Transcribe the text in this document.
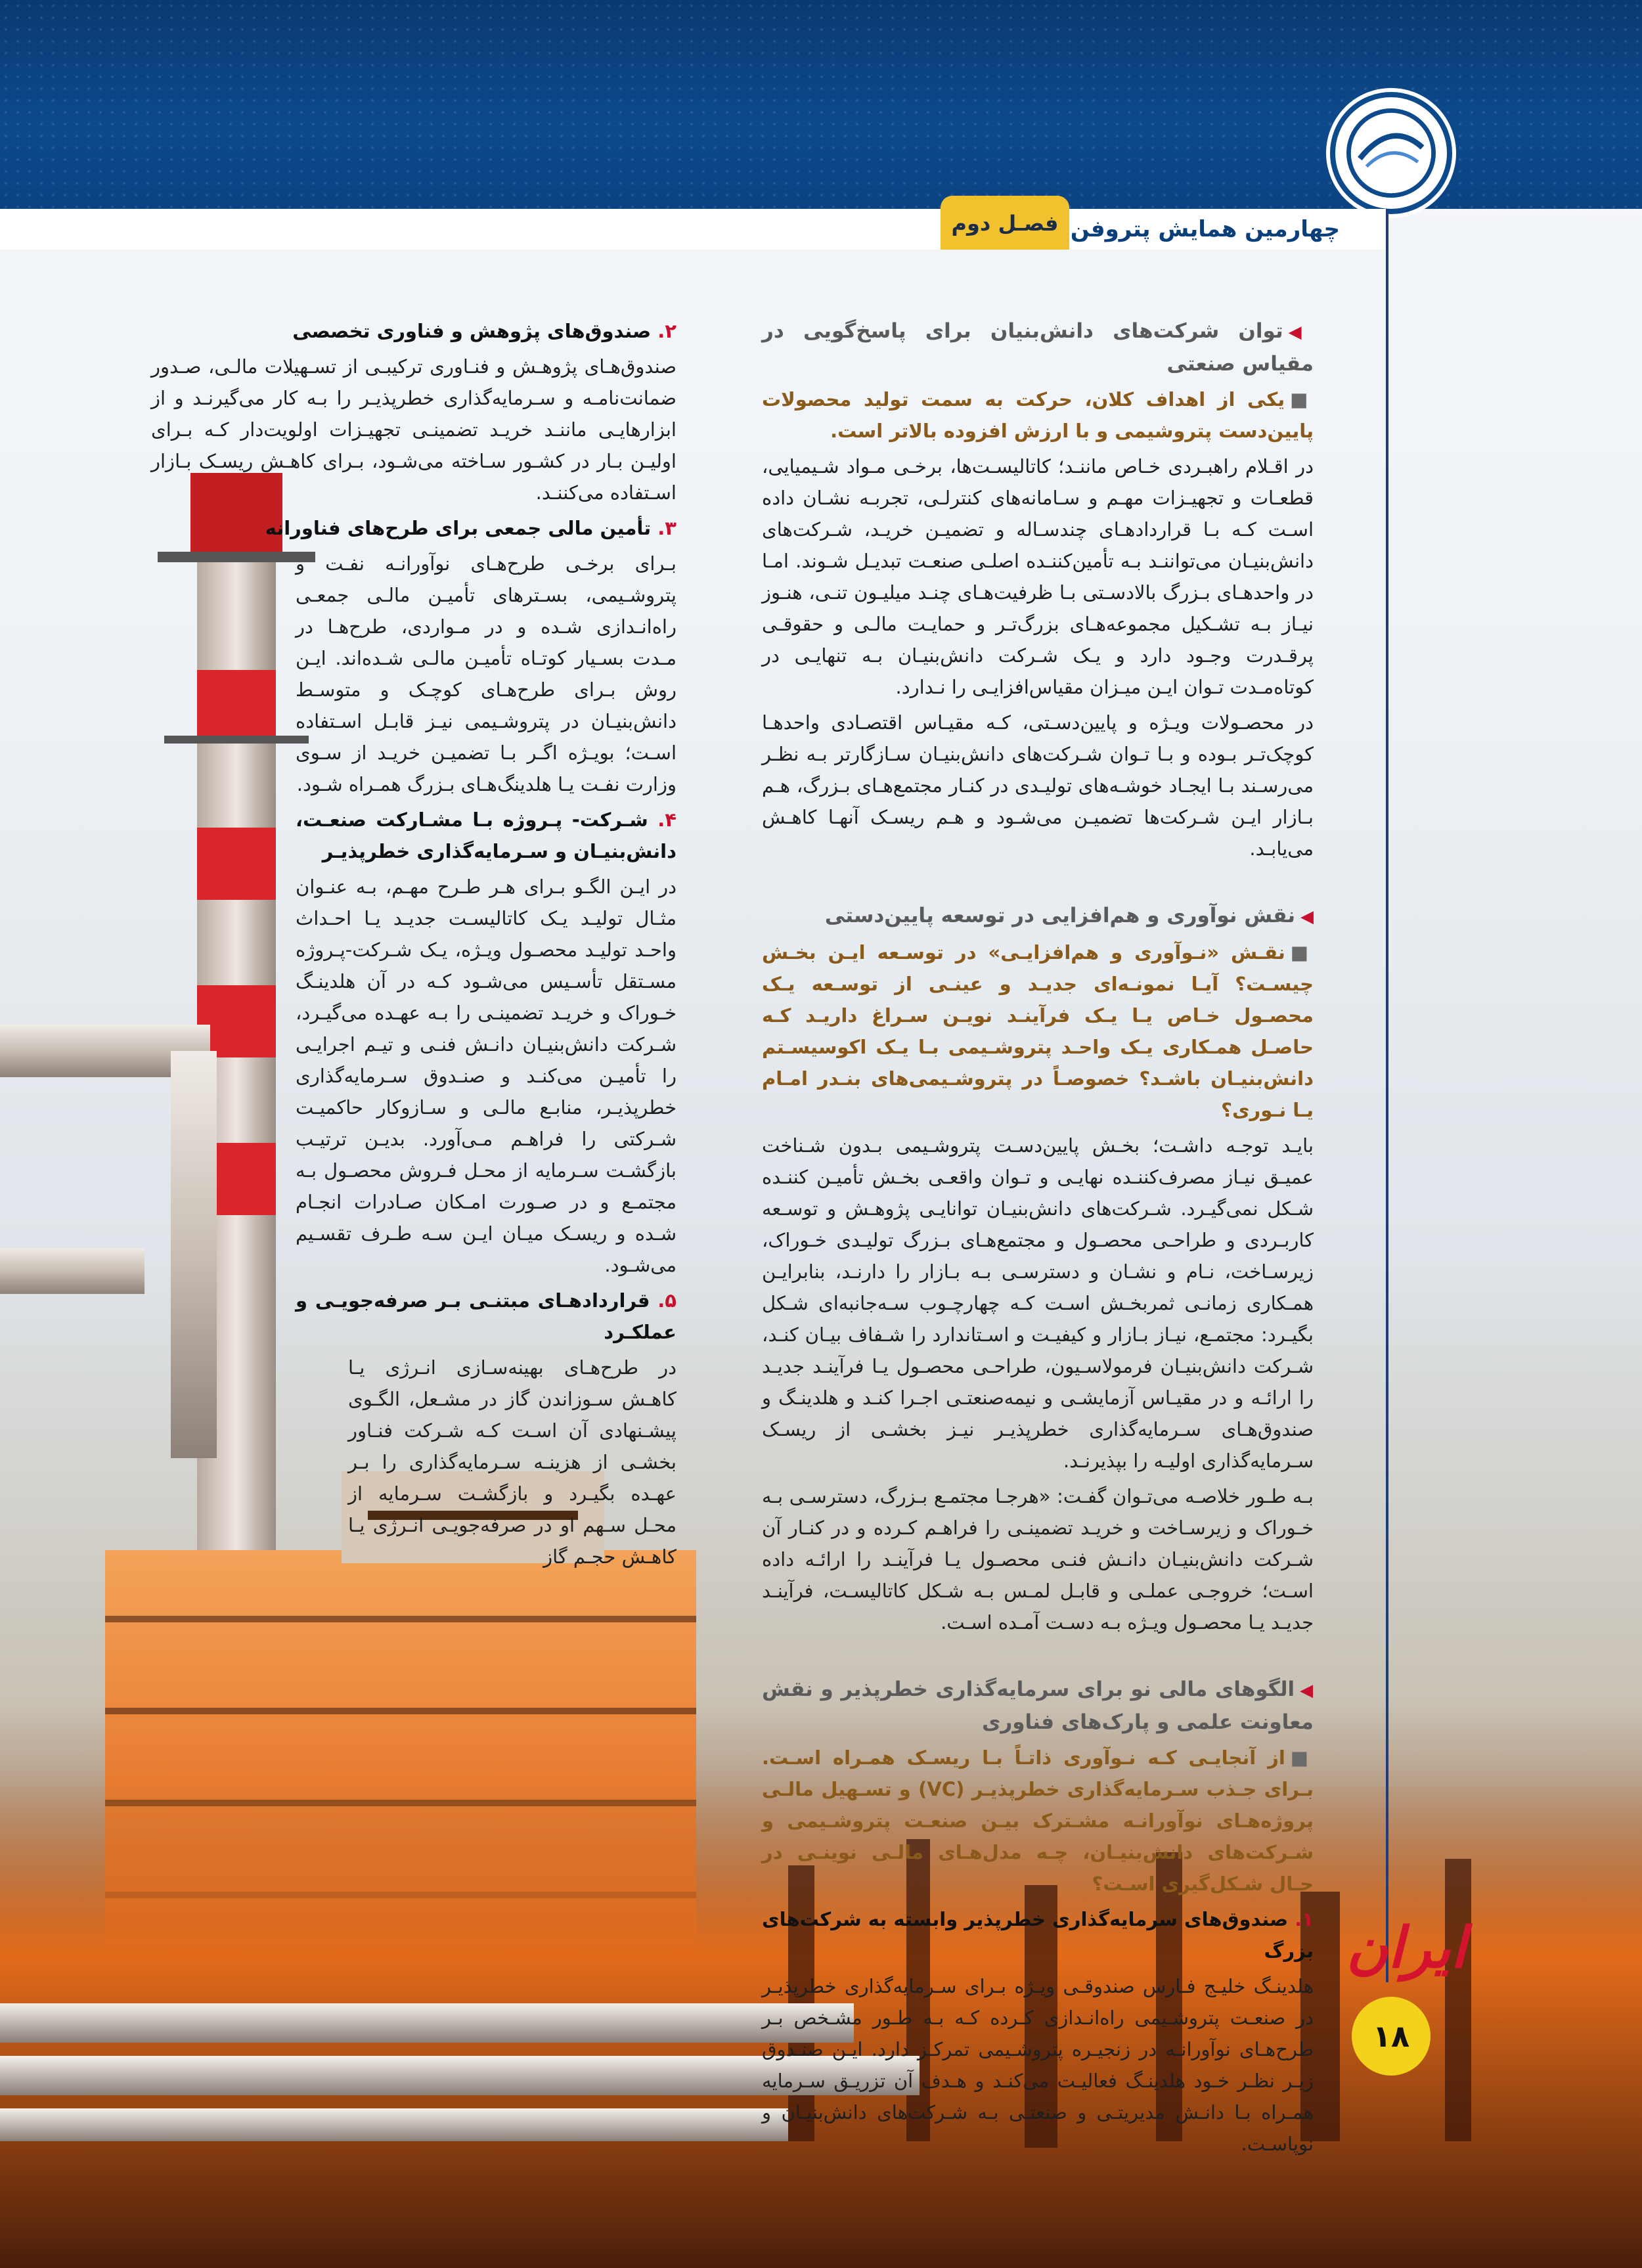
چهارمین همایش پتروفن
فصـل دوم

◀توان شرکت‌های دانش‌بنیان برای پاسخ‌گویی در مقیاس صنعتی

■یکی از اهداف کلان، حرکت به سمت تولید محصولات پایین‌دست پتروشیمی و با ارزش افزوده بالاتر است.

در اقـلام راهبـردی خـاص ماننـد؛ کاتالیسـت‌ها، برخـی مـواد شـیمیایی، قطعـات و تجهیـزات مهـم و سـامانه‌های کنترلـی، تجربـه نشـان داده اسـت کـه بـا قراردادهـای چندسـاله و تضمیـن خریـد، شـرکت‌های دانش‌بنیـان می‌تواننـد بـه تأمین‌کننـده اصلـی صنعـت تبدیـل شـوند. امـا در واحدهـای بـزرگ بالادسـتی بـا ظرفیت‌هـای چنـد میلیـون تنـی، هنـوز نیـاز بـه تشـکیل مجموعه‌هـای بزرگ‌تـر و حمایـت مالـی و حقوقـی پرقـدرت وجـود دارد و یـک شـرکت دانش‌بنیـان بـه تنهایـی در کوتاه‌مـدت تـوان ایـن میـزان مقیاس‌افزایـی را نـدارد.

در محصـولات ویـژه و پایین‌دسـتی، کـه مقیـاس اقتصـادی واحدهـا کوچک‌تـر بـوده و بـا تـوان شـرکت‌های دانش‌بنیـان سـازگارتر بـه نظـر می‌رسـند بـا ایجـاد خوشـه‌های تولیـدی در کنـار مجتمع‌هـای بـزرگ، هـم بـازار ایـن شـرکت‌ها تضمیـن می‌شـود و هـم ریسـک آنهـا کاهـش می‌یابـد.

◀نقش نوآوری و هم‌افزایی در توسعه پایین‌دستی

■نقـش «نـوآوری و هم‌افزایـی» در توسـعه ایـن بخـش چیسـت؟ آیـا نمونـه‌ای جدیـد و عینـی از توسـعه یـک محصـول خـاص یـا یـک فرآینـد نویـن سـراغ داریـد کـه حاصـل همـکاری یـک واحـد پتروشـیمی بـا یـک اکوسیسـتم دانش‌بنیـان باشـد؟ خصوصـاً در پتروشـیمی‌های بنـدر امـام یـا نـوری؟

بایـد توجـه داشـت؛ بخـش پایین‌دسـت پتروشـیمی بـدون شـناخت عمیـق نیـاز مصرف‌کننـده نهایـی و تـوان واقعـی بخـش تأمیـن کننـده شـکل نمی‌گیـرد. شـرکت‌های دانش‌بنیـان توانایـی پژوهـش و توسـعه کاربـردی و طراحـی محصـول و مجتمع‌هـای بـزرگ تولیـدی خـوراک، زیرسـاخت، نـام و نشـان و دسترسـی بـه بـازار را دارنـد، بنابرایـن همـکاری زمانـی ثمربخـش اسـت کـه چهارچـوب سـه‌جانبه‌ای شـکل بگیـرد: مجتمـع، نیـاز بـازار و کیفیـت و اسـتاندارد را شـفاف بیـان کنـد، شـرکت دانش‌بنیـان فرمولاسـیون، طراحـی محصـول یـا فرآینـد جدیـد را ارائـه و در مقیـاس آزمایشـی و نیمه‌صنعتـی اجـرا کنـد و هلدینـگ و صندوق‌هـای سـرمایه‌گذاری خطرپذیـر نیـز بخشـی از ریسـک سـرمایه‌گذاری اولیـه را بپذیرنـد.

بـه طـور خلاصـه می‌تـوان گفـت: «هرجـا مجتمـع بـزرگ، دسترسـی بـه خـوراک و زیرسـاخت و خریـد تضمینـی را فراهـم کـرده و در کنـار آن شـرکت دانش‌بنیـان دانـش فنـی محصـول یـا فرآینـد را ارائـه داده اسـت؛ خروجـی عملـی و قابـل لمـس بـه شـکل کاتالیسـت، فرآینـد جدیـد یـا محصـول ویـژه بـه دسـت آمـده اسـت.

◀الگوهای مالی نو برای سرمایه‌گذاری خطرپذیر و نقش معاونت علمی و پارک‌های فناوری

■از آنجایـی کـه نـوآوری ذاتـاً بـا ریسـک همـراه اسـت. بـرای جـذب سـرمایه‌گذاری خطرپذیـر (VC) و تسـهیل مالـی پروژه‌هـای نوآورانـه مشـترک بیـن صنعـت پتروشـیمی و شـرکت‌های دانش‌بنیـان، چـه مدل‌هـای مالـی نوینـی در حـال شـکل‌گیری اسـت؟

۱. صندوق‌های سرمایه‌گذاری خطرپذیر وابسته به شرکت‌های بزرگ

هلدینـگ خلیـج فـارس صندوقـی ویـژه بـرای سـرمایه‌گذاری خطرپذیـر در صنعـت پتروشـیمی راه‌انـدازی کـرده کـه بـه طـور مشـخص بـر طرح‌هـای نوآورانـه در زنجیـره پتروشـیمی تمرکـز دارد. ایـن صنـدوق زیـر نظـر خـود هلدینـگ فعالیـت می‌کنـد و هـدف آن تزریـق سـرمایه همـراه بـا دانـش مدیریتـی و صنعتـی بـه شـرکت‌های دانش‌بنیـان و نوپاسـت.

۲. صندوق‌های پژوهش و فناوری تخصصی

صندوق‌هـای پژوهـش و فنـاوری ترکیبـی از تسـهیلات مالـی، صـدور ضمانت‌نامـه و سـرمایه‌گذاری خطرپذیـر را بـه کار می‌گیرنـد و از ابزارهایـی ماننـد خریـد تضمینـی تجهیـزات اولویت‌دار کـه بـرای اولیـن بـار در کشـور سـاخته می‌شـود، بـرای کاهـش ریسـک بـازار اسـتفاده می‌کننـد.

۳. تأمین مالی جمعی برای طرح‌های فناورانه

بـرای برخـی طرح‌هـای نوآورانـه نفـت و پتروشـیمی، بسـترهای تأمیـن مالـی جمعـی راه‌انـدازی شـده و در مـواردی، طرح‌هـا در مـدت بسـیار کوتـاه تأمیـن مالـی شـده‌اند. ایـن روش بـرای طرح‌هـای کوچـک و متوسـط دانش‌بنیـان در پتروشـیمی نیـز قابـل اسـتفاده اسـت؛ بویـژه اگـر بـا تضمیـن خریـد از سـوی وزارت نفـت یـا هلدینگ‌هـای بـزرگ همـراه شـود.

۴. شـرکت- پـروژه بـا مشـارکت صنعـت، دانش‌بنیـان و سـرمایه‌گذاری خطرپذیـر

در ایـن الگـو بـرای هـر طـرح مهـم، بـه عنـوان مثـال تولیـد یـک کاتالیسـت جدیـد یـا احـداث واحـد تولیـد محصـول ویـژه، یـک شـرکت-پـروژه مسـتقل تأسـیس می‌شـود کـه در آن هلدینـگ خـوراک و خریـد تضمینـی را بـه عهـده می‌گیـرد، شـرکت دانش‌بنیـان دانـش فنـی و تیـم اجرایـی را تأمیـن می‌کنـد و صنـدوق سـرمایه‌گذاری خطرپذیـر، منابـع مالـی و سـازوکار حاکمیـت شـرکتی را فراهـم مـی‌آورد. بدیـن ترتیـب بازگشـت سـرمایه از محـل فـروش محصـول بـه مجتمـع و در صـورت امـکان صـادرات انجـام شـده و ریسـک میـان ایـن سـه طـرف تقسـیم می‌شـود.

۵. قراردادهـای مبتنـی بـر صرفه‌جویـی و عملکـرد

در طرح‌هـای بهینه‌سـازی انـرژی یـا کاهـش سـوزاندن گاز در مشـعل، الگـوی پیشـنهادی آن اسـت کـه شـرکت فنـاور بخشـی از هزینـه سـرمایه‌گذاری را بـر عهـده بگیـرد و بازگشـت سـرمایه از محـل سـهم او در صرفه‌جویـی انـرژی یـا کاهـش حجـم گاز

ایران
۱۸
